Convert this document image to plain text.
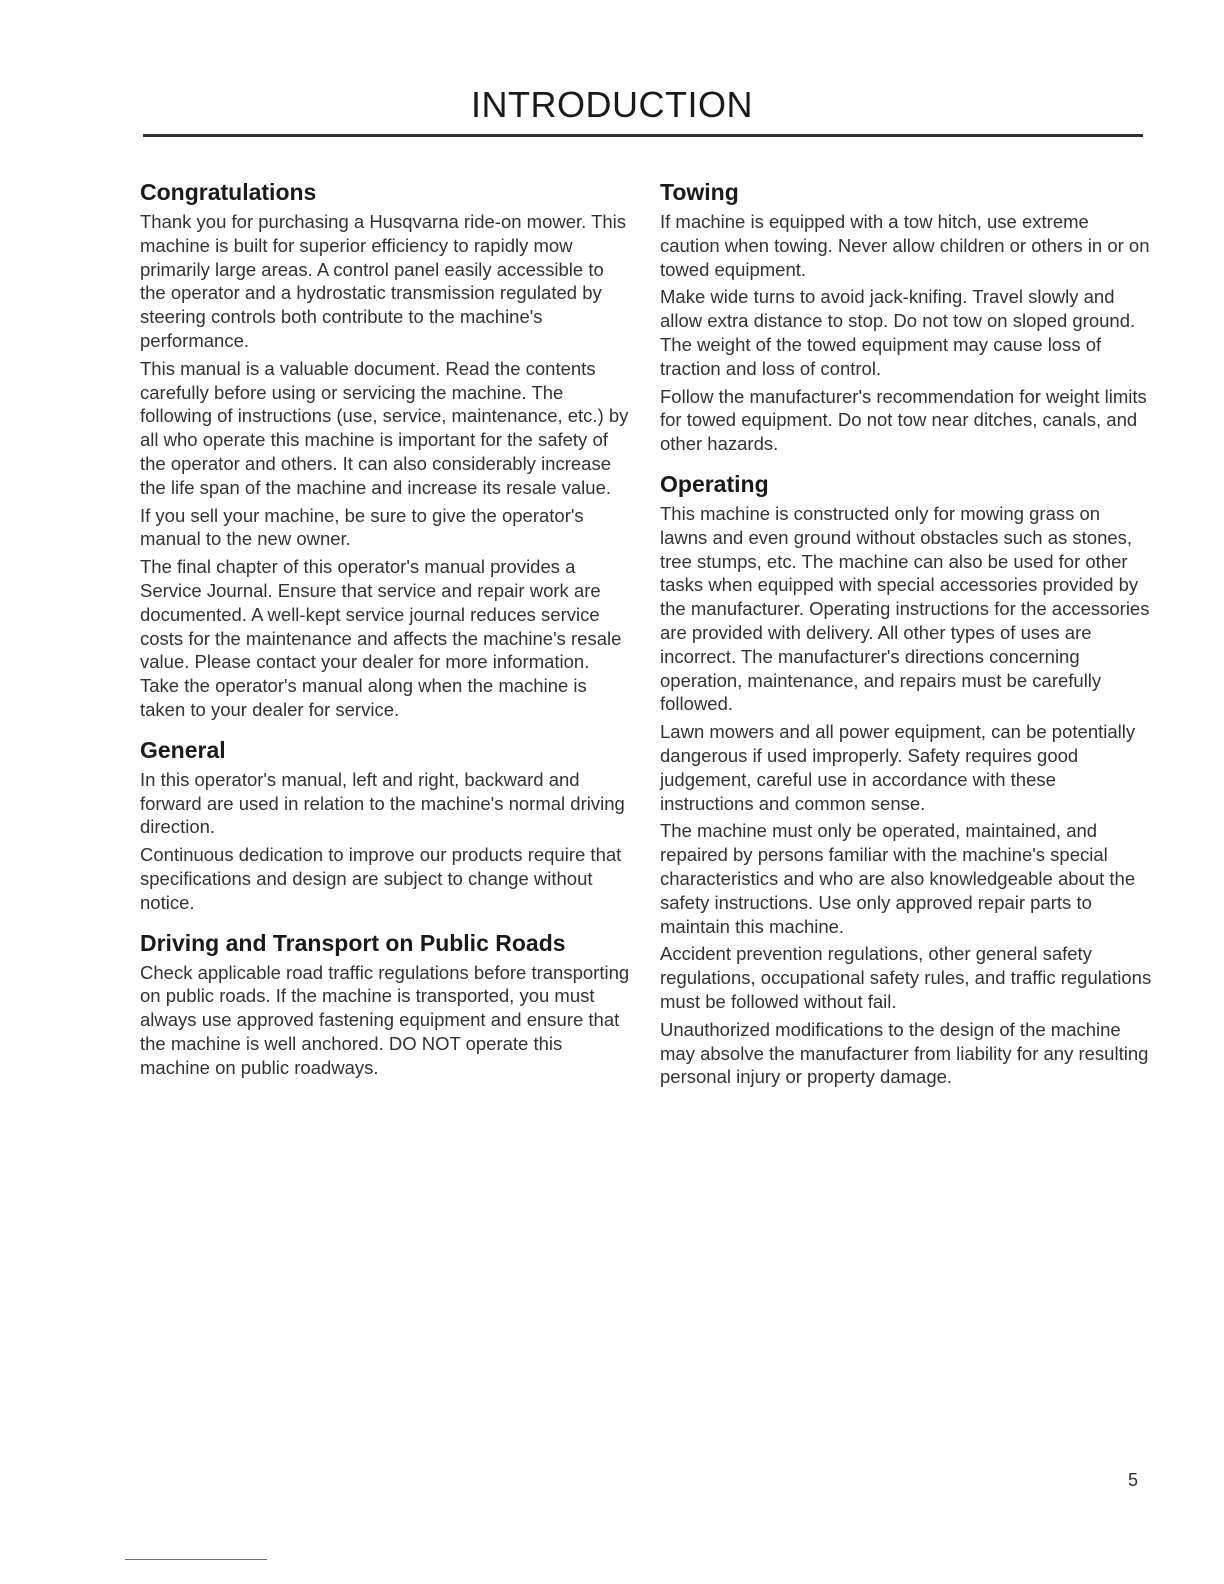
INTRODUCTION
Congratulations

Thank you for purchasing a Husqvarna ride-on mower. This machine is built for superior efficiency to rapidly mow primarily large areas. A control panel easily accessible to the operator and a hydrostatic transmission regulated by steering controls both contribute to the machine's performance.

This manual is a valuable document. Read the contents carefully before using or servicing the machine. The following of instructions (use, service, maintenance, etc.) by all who operate this machine is important for the safety of the operator and others. It can also considerably increase the life span of the machine and increase its resale value.

If you sell your machine, be sure to give the operator's manual to the new owner.

The final chapter of this operator's manual provides a Service Journal. Ensure that service and repair work are documented. A well-kept service journal reduces service costs for the maintenance and affects the machine's resale value. Please contact your dealer for more information. Take the operator's manual along when the machine is taken to your dealer for service.

General

In this operator's manual, left and right, backward and forward are used in relation to the machine's normal driving direction.

Continuous dedication to improve our products require that specifications and design are subject to change without notice.

Driving and Transport on Public Roads

Check applicable road traffic regulations before transporting on public roads. If the machine is transported, you must always use approved fastening equipment and ensure that the machine is well anchored. DO NOT operate this machine on public roadways.

Towing

If machine is equipped with a tow hitch, use extreme caution when towing. Never allow children or others in or on towed equipment.

Make wide turns to avoid jack-knifing. Travel slowly and allow extra distance to stop. Do not tow on sloped ground. The weight of the towed equipment may cause loss of traction and loss of control.

Follow the manufacturer's recommendation for weight limits for towed equipment. Do not tow near ditches, canals, and other hazards.

Operating

This machine is constructed only for mowing grass on lawns and even ground without obstacles such as stones, tree stumps, etc. The machine can also be used for other tasks when equipped with special accessories provided by the manufacturer. Operating instructions for the accessories are provided with delivery. All other types of uses are incorrect. The manufacturer's directions concerning operation, maintenance, and repairs must be carefully followed.

Lawn mowers and all power equipment, can be potentially dangerous if used improperly. Safety requires good judgement, careful use in accordance with these instructions and common sense.

The machine must only be operated, maintained, and repaired by persons familiar with the machine's special characteristics and who are also knowledgeable about the safety instructions. Use only approved repair parts to maintain this machine.

Accident prevention regulations, other general safety regulations, occupational safety rules, and traffic regulations must be followed without fail.

Unauthorized modifications to the design of the machine may absolve the manufacturer from liability for any resulting personal injury or property damage.

5
